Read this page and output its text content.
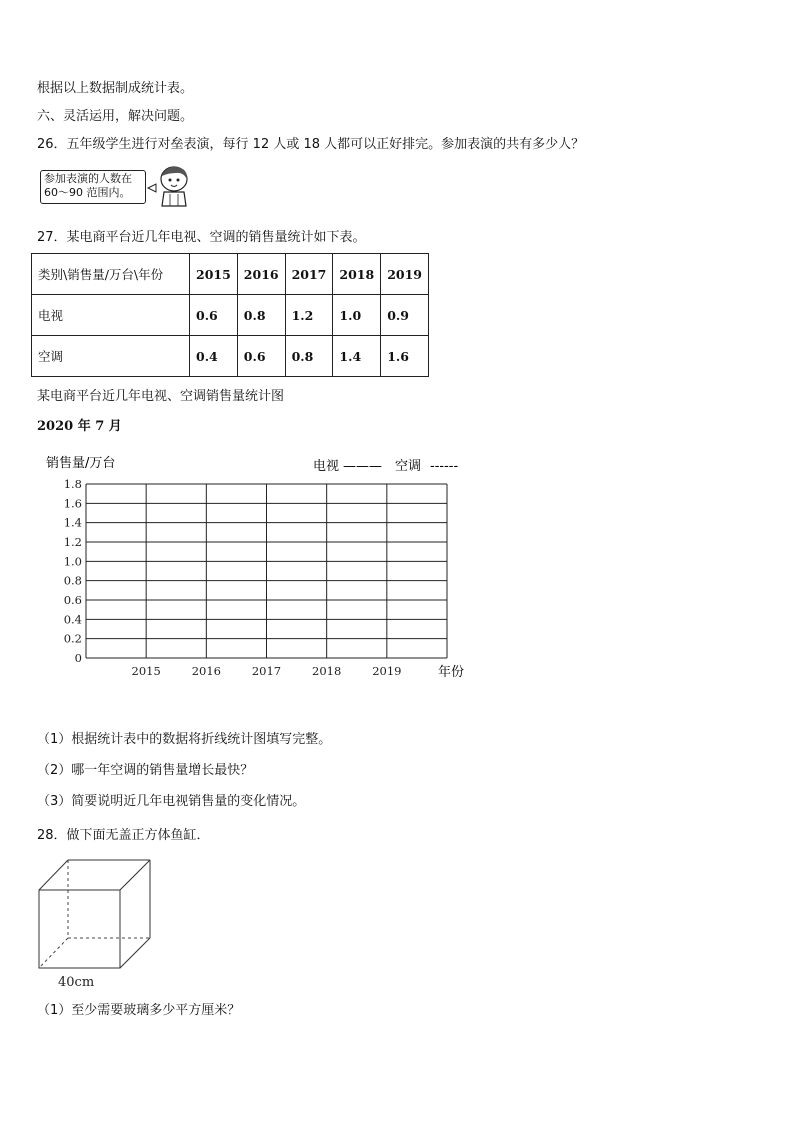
根据以上数据制成统计表。
六、灵活运用，解决问题。
26．五年级学生进行对垒表演，每行 12 人或 18 人都可以正好排完。参加表演的共有多少人？
参加表演的人数在
60～90 范围内。
27．某电商平台近几年电视、空调的销售量统计如下表。
类别\销售量/万台\年份	2015	2016	2017	2018	2019
电视	0.6	0.8	1.2	1.0	0.9
空调	0.4	0.6	0.8	1.4	1.6
某电商平台近几年电视、空调销售量统计图
2020 年 7 月
销售量/万台	电视 ——— 空调 ------
年份
0
0.2
0.4
0.6
0.8
1.0
1.2
1.4
1.6
1.8
2015	2016	2017	2018	2019
（1）根据统计表中的数据将折线统计图填写完整。
（2）哪一年空调的销售量增长最快？
（3）简要说明近几年电视销售量的变化情况。
28．做下面无盖正方体鱼缸．
40cm
（1）至少需要玻璃多少平方厘米？
